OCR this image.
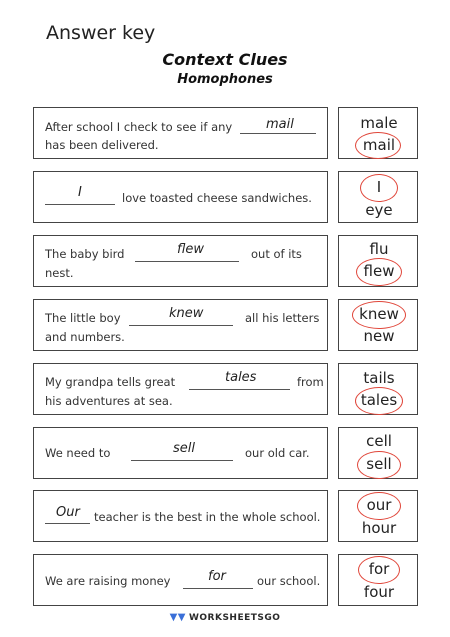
Answer key
Context Clues
Homophones
After school I check to see if any	mail
has been delivered.
male
mail
I	love toasted cheese sandwiches.
I
eye
The baby bird	flew	out of its
nest.
flu
flew
The little boy	knew	all his letters
and numbers.
knew
new
My grandpa tells great	tales	from
his adventures at sea.
tails
tales
We need to	sell	our old car.
cell
sell
Our teacher is the best in the whole school.
our
hour
We are raising money	for	our school.
for
four
▼▼ WORKSHEETSGO
